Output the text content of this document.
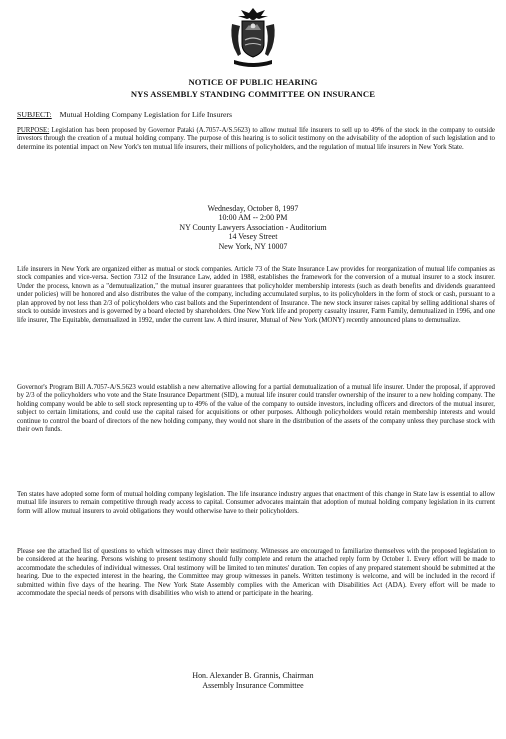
NOTICE OF PUBLIC HEARING
NYS ASSEMBLY STANDING COMMITTEE ON INSURANCE
SUBJECT: Mutual Holding Company Legislation for Life Insurers

PURPOSE: Legislation has been proposed by Governor Pataki (A.7057-A/S.5623) to allow mutual life insurers to sell up to 49% of the stock in the company to outside investors through the creation of a mutual holding company. The purpose of this hearing is to solicit testimony on the advisability of the adoption of such legislation and to determine its potential impact on New York's ten mutual life insurers, their millions of policyholders, and the regulation of mutual life insurers in New York State.

Wednesday, October 8, 1997
10:00 AM -- 2:00 PM
NY County Lawyers Association - Auditorium
14 Vesey Street
New York, NY 10007

Life insurers in New York are organized either as mutual or stock companies. Article 73 of the State Insurance Law provides for reorganization of mutual life companies as stock companies and vice-versa. Section 7312 of the Insurance Law, added in 1988, establishes the framework for the conversion of a mutual insurer to a stock insurer. Under the process, known as a "demutualization," the mutual insurer guarantees that policyholder membership interests (such as death benefits and dividends guaranteed under policies) will be honored and also distributes the value of the company, including accumulated surplus, to its policyholders in the form of stock or cash, pursuant to a plan approved by not less than 2/3 of policyholders who cast ballots and the Superintendent of Insurance. The new stock insurer raises capital by selling additional shares of stock to outside investors and is governed by a board elected by shareholders. One New York life and property casualty insurer, Farm Family, demutualized in 1996, and one life insurer, The Equitable, demutualized in 1992, under the current law. A third insurer, Mutual of New York (MONY) recently announced plans to demutualize.

Governor's Program Bill A.7057-A/S.5623 would establish a new alternative allowing for a partial demutualization of a mutual life insurer. Under the proposal, if approved by 2/3 of the policyholders who vote and the State Insurance Department (SID), a mutual life insurer could transfer ownership of the insurer to a new holding company. The holding company would be able to sell stock representing up to 49% of the value of the company to outside investors, including officers and directors of the mutual insurer, subject to certain limitations, and could use the capital raised for acquisitions or other purposes. Although policyholders would retain membership interests and would continue to control the board of directors of the new holding company, they would not share in the distribution of the assets of the company unless they purchase stock with their own funds.

Ten states have adopted some form of mutual holding company legislation. The life insurance industry argues that enactment of this change in State law is essential to allow mutual life insurers to remain competitive through ready access to capital. Consumer advocates maintain that adoption of mutual holding company legislation in its current form will allow mutual insurers to avoid obligations they would otherwise have to their policyholders.

Please see the attached list of questions to which witnesses may direct their testimony. Witnesses are encouraged to familiarize themselves with the proposed legislation to be considered at the hearing. Persons wishing to present testimony should fully complete and return the attached reply form by October 1. Every effort will be made to accommodate the schedules of individual witnesses. Oral testimony will be limited to ten minutes' duration. Ten copies of any prepared statement should be submitted at the hearing. Due to the expected interest in the hearing, the Committee may group witnesses in panels. Written testimony is welcome, and will be included in the record if submitted within five days of the hearing. The New York State Assembly complies with the American with Disabilities Act (ADA). Every effort will be made to accommodate the special needs of persons with disabilities who wish to attend or participate in the hearing.

Hon. Alexander B. Grannis, Chairman
Assembly Insurance Committee
